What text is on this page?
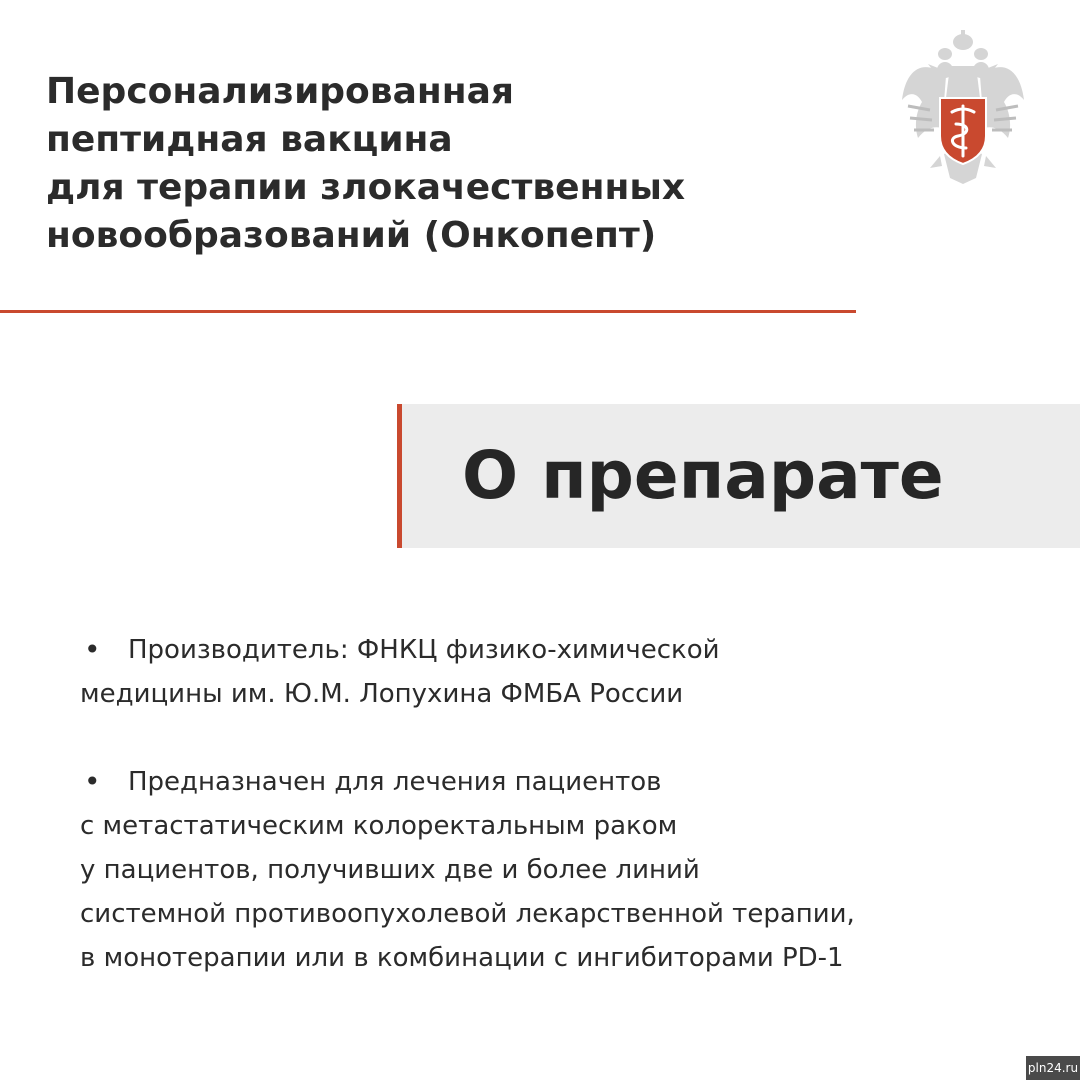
Персонализированная
пептидная вакцина
для терапии злокачественных
новообразований (Онкопепт)
О препарате
• Производитель: ФНКЦ физико-химической
медицины им. Ю.М. Лопухина ФМБА России
• Предназначен для лечения пациентов
с метастатическим колоректальным раком
у пациентов, получивших две и более линий
системной противоопухолевой лекарственной терапии,
в монотерапии или в комбинации с ингибиторами PD-1
pln24.ru
